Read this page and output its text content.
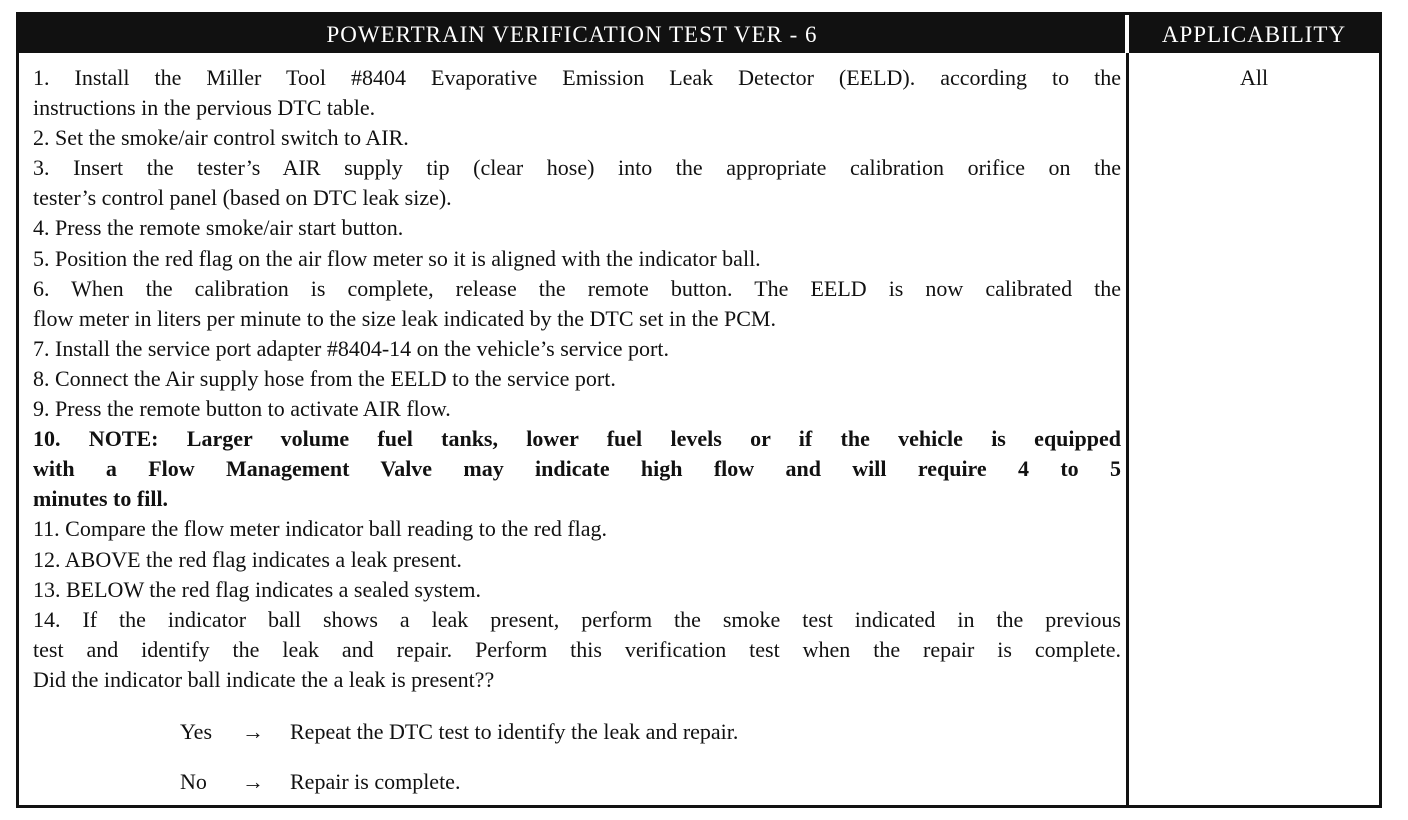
POWERTRAIN VERIFICATION TEST VER - 6	APPLICABILITY
1. Install the Miller Tool #8404 Evaporative Emission Leak Detector (EELD). according to the
instructions in the pervious DTC table.
2. Set the smoke/air control switch to AIR.
3. Insert the tester’s AIR supply tip (clear hose) into the appropriate calibration orifice on the
tester’s control panel (based on DTC leak size).
4. Press the remote smoke/air start button.
5. Position the red flag on the air flow meter so it is aligned with the indicator ball.
6. When the calibration is complete, release the remote button. The EELD is now calibrated the
flow meter in liters per minute to the size leak indicated by the DTC set in the PCM.
7. Install the service port adapter #8404-14 on the vehicle’s service port.
8. Connect the Air supply hose from the EELD to the service port.
9. Press the remote button to activate AIR flow.
10. NOTE: Larger volume fuel tanks, lower fuel levels or if the vehicle is equipped
with a Flow Management Valve may indicate high flow and will require 4 to 5
minutes to fill.
11. Compare the flow meter indicator ball reading to the red flag.
12. ABOVE the red flag indicates a leak present.
13. BELOW the red flag indicates a sealed system.
14. If the indicator ball shows a leak present, perform the smoke test indicated in the previous
test and identify the leak and repair. Perform this verification test when the repair is complete.
Did the indicator ball indicate the a leak is present??
Yes → Repeat the DTC test to identify the leak and repair.
No → Repair is complete.
All
